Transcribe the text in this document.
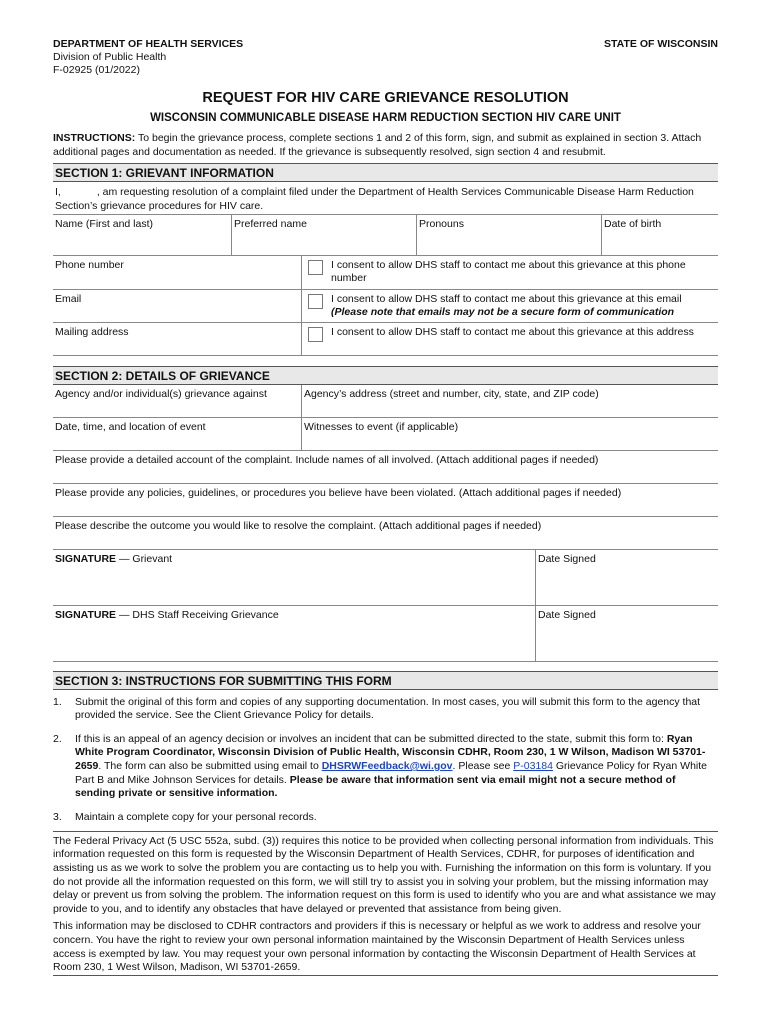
DEPARTMENT OF HEALTH SERVICES
Division of Public Health
F-02925 (01/2022)
STATE OF WISCONSIN
REQUEST FOR HIV CARE GRIEVANCE RESOLUTION
WISCONSIN COMMUNICABLE DISEASE HARM REDUCTION SECTION HIV CARE UNIT
INSTRUCTIONS: To begin the grievance process, complete sections 1 and 2 of this form, sign, and submit as explained in section 3. Attach additional pages and documentation as needed. If the grievance is subsequently resolved, sign section 4 and resubmit.
SECTION 1: GRIEVANT INFORMATION
I,	, am requesting resolution of a complaint filed under the Department of Health Services Communicable Disease Harm Reduction Section’s grievance procedures for HIV care.
Name (First and last)	Preferred name	Pronouns	Date of birth
Phone number	I consent to allow DHS staff to contact me about this grievance at this phone number
Email	I consent to allow DHS staff to contact me about this grievance at this email
(Please note that emails may not be a secure form of communication
Mailing address	I consent to allow DHS staff to contact me about this grievance at this address
SECTION 2: DETAILS OF GRIEVANCE
Agency and/or individual(s) grievance against	Agency’s address (street and number, city, state, and ZIP code)
Date, time, and location of event	Witnesses to event (if applicable)
Please provide a detailed account of the complaint. Include names of all involved. (Attach additional pages if needed)
Please provide any policies, guidelines, or procedures you believe have been violated. (Attach additional pages if needed)
Please describe the outcome you would like to resolve the complaint. (Attach additional pages if needed)
SIGNATURE — Grievant	Date Signed
SIGNATURE — DHS Staff Receiving Grievance	Date Signed
SECTION 3: INSTRUCTIONS FOR SUBMITTING THIS FORM
1.	Submit the original of this form and copies of any supporting documentation. In most cases, you will submit this form to the agency that provided the service. See the Client Grievance Policy for details.
2.	If this is an appeal of an agency decision or involves an incident that can be submitted directed to the state, submit this form to: Ryan White Program Coordinator, Wisconsin Division of Public Health, Wisconsin CDHR, Room 230, 1 W Wilson, Madison WI 53701-2659. The form can also be submitted using email to DHSRWFeedback@wi.gov. Please see P-03184 Grievance Policy for Ryan White Part B and Mike Johnson Services for details. Please be aware that information sent via email might not a secure method of sending private or sensitive information.
3.	Maintain a complete copy for your personal records.

The Federal Privacy Act (5 USC 552a, subd. (3)) requires this notice to be provided when collecting personal information from individuals. This information requested on this form is requested by the Wisconsin Department of Health Services, CDHR, for purposes of identification and assisting us as we work to solve the problem you are contacting us to help you with. Furnishing the information on this form is voluntary. If you do not provide all the information requested on this form, we will still try to assist you in solving your problem, but the missing information may delay or prevent us from solving the problem. The information request on this form is used to identify who you are and what assistance we may provide to you, and to identify any obstacles that have delayed or prevented that assistance from being given.

This information may be disclosed to CDHR contractors and providers if this is necessary or helpful as we work to address and resolve your concern. You have the right to review your own personal information maintained by the Wisconsin Department of Health Services unless access is exempted by law. You may request your own personal information by contacting the Wisconsin Department of Health Services at Room 230, 1 West Wilson, Madison, WI 53701-2659.
